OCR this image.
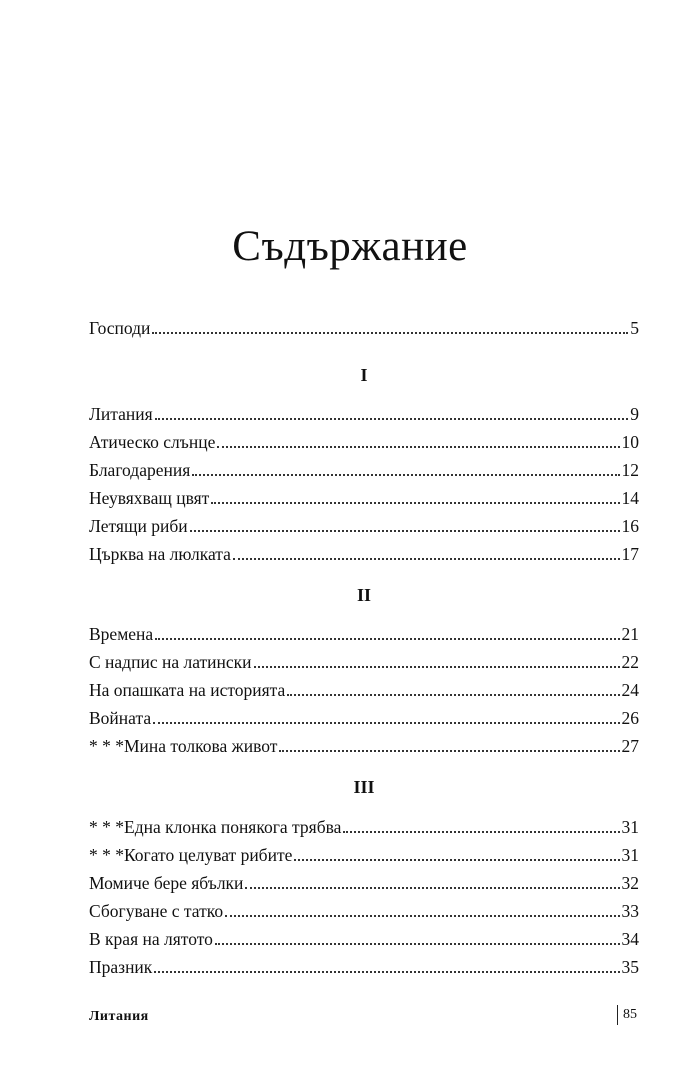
Съдържание
Господи	5
I
Литания	9
Атическо слънце	10
Благодарения	12
Неувяхващ цвят	14
Летящи риби	16
Църква на люлката	17
II
Времена	21
С надпис на латински	22
На опашката на историята	24
Войната	26
* * *Мина толкова живот	27
III
* * *Една клонка понякога трябва	31
* * *Когато целуват рибите	31
Момиче бере ябълки	32
Сбогуване с татко	33
В края на лятото	34
Празник	35
Литания	85
